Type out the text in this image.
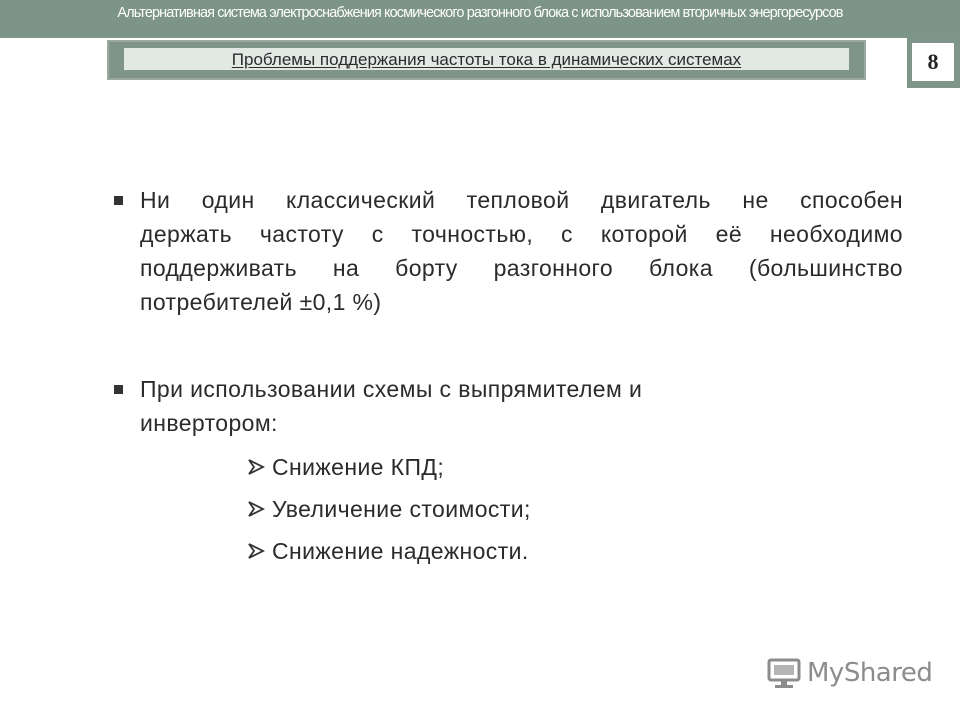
Альтернативная система электроснабжения космического разгонного блока с использованием вторичных энергоресурсов
Проблемы поддержания частоты тока в динамических системах	8
Ни один классический тепловой двигатель не способен
держать частоту с точностью, с которой её необходимо
поддерживать на борту разгонного блока (большинство
потребителей ±0,1 %)
При использовании схемы с выпрямителем и
инвертором:
Снижение КПД;
Увеличение стоимости;
Снижение надежности.
MyShared
